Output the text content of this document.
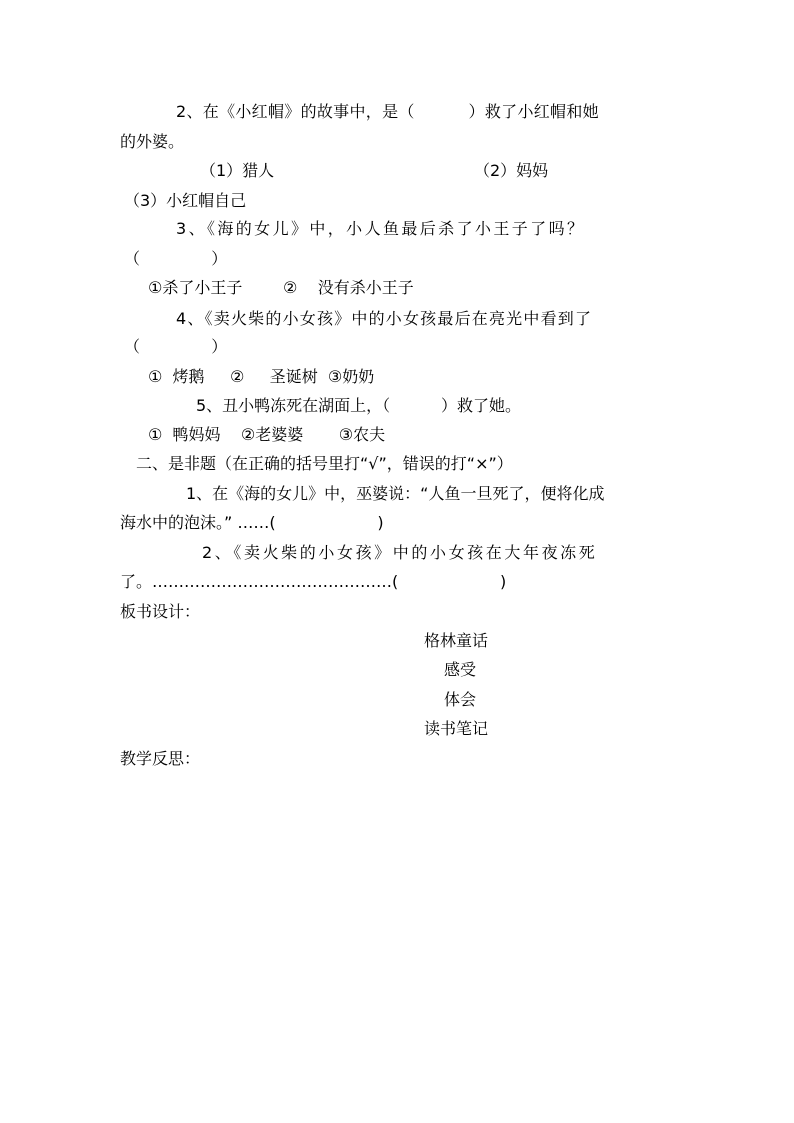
2、在《小红帽》的故事中，是（          ）救了小红帽和她
的外婆。
（1）猎人	（2）妈妈
（3）小红帽自己
3、《海的女儿》中，小人鱼最后杀了小王子了吗？
（              ）
①杀了小王子        ②    没有杀小王子
4、《卖火柴的小女孩》中的小女孩最后在亮光中看到了
（              ）
①  烤鹅     ②     圣诞树  ③奶奶
5、丑小鸭冻死在湖面上，（          ）救了她。
①  鸭妈妈    ②老婆婆       ③农夫
二、是非题（在正确的括号里打“√”，错误的打“×”）
1、在《海的女儿》中，巫婆说：“人鱼一旦死了，便将化成
海水中的泡沫。” ……(                    )
2、《卖火柴的小女孩》中的小女孩在大年夜冻死
了。………………………………………(                    )
板书设计：
格林童话
感受
体会
读书笔记
教学反思：
